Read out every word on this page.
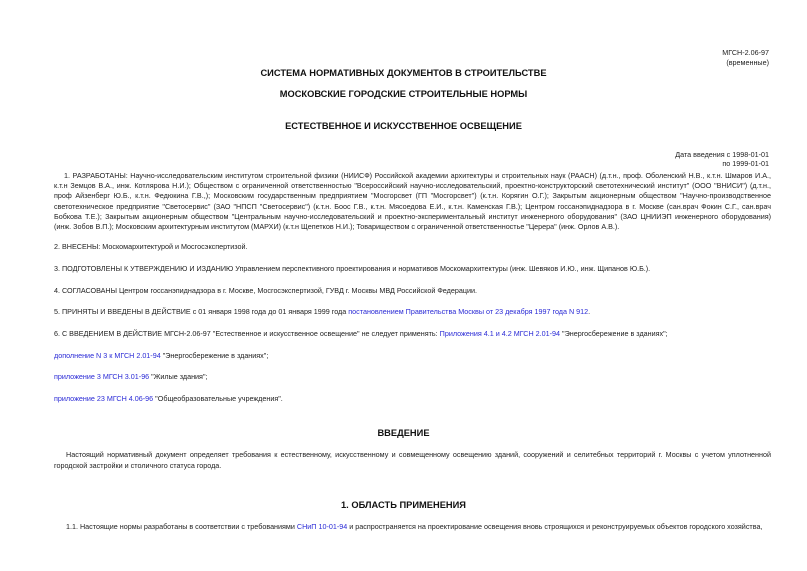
МГСН-2.06-97
(временные)
СИСТЕМА НОРМАТИВНЫХ ДОКУМЕНТОВ В СТРОИТЕЛЬСТВЕ
МОСКОВСКИЕ ГОРОДСКИЕ СТРОИТЕЛЬНЫЕ НОРМЫ
ЕСТЕСТВЕННОЕ И ИСКУССТВЕННОЕ ОСВЕЩЕНИЕ
Дата введения с 1998-01-01
по 1999-01-01
1. РАЗРАБОТАНЫ: Научно-исследовательским институтом строительной физики (НИИСФ) Российской академии архитектуры и строительных наук (РААСН) (д.т.н., проф. Оболенский Н.В., к.т.н. Шмаров И.А., к.т.н Земцов В.А., инж. Котлярова Н.И.); Обществом с ограниченной ответственностью "Всероссийский научно-исследовательский, проектно-конструкторский светотехнический институт" (ООО "ВНИСИ") (д.т.н., проф Айзенберг Ю.Б., к.т.н. Федюкина Г.В.,); Московским государственным предприятием "Мосгорсвет (ГП "Мосгорсвет") (к.т.н. Корягин О.Г.); Закрытым акционерным обществом "Научно-производственное светотехническое предприятие "Светосервис" (ЗАО "НПСП "Светосервис") (к.т.н. Боос Г.В., к.т.н. Мясоедова Е.И., к.т.н. Каменская Г.В.); Центром госсанэпиднадзора в г. Москве (сан.врач Фокин С.Г., сан.врач Бобкова Т.Е.); Закрытым акционерным обществом "Центральным научно-исследовательский и проектно-экспериментальный институт инженерного оборудования" (ЗАО ЦНИИЭП инженерного оборудования) (инж. Зобов В.П.); Московским архитектурным институтом (МАРХИ) (к.т.н Щепетков Н.И.); Товариществом с ограниченной ответственностье "Церера" (инж. Орлов А.В.).
2. ВНЕСЕНЫ: Москомархитектурой и Мосгосэкспертизой.
3. ПОДГОТОВЛЕНЫ К УТВЕРЖДЕНИЮ И ИЗДАНИЮ Управлением перспективного проектирования и нормативов Москомархитектуры (инж. Шевяков И.Ю., инж. Щипанов Ю.Б.).
4. СОГЛАСОВАНЫ Центром госсанэпиднадзора в г. Москве, Мосгосэкспертизой, ГУВД г. Москвы МВД Российской Федерации.
5. ПРИНЯТЫ И ВВЕДЕНЫ В ДЕЙСТВИЕ с 01 января 1998 года до 01 января 1999 года постановлением Правительства Москвы от 23 декабря 1997 года N 912.
6. С ВВЕДЕНИЕМ В ДЕЙСТВИЕ МГСН-2.06-97 "Естественное и искусственное освещение" не следует применять: Приложения 4.1 и 4.2 МГСН 2.01-94 "Энергосбережение в зданиях";
дополнение N 3 к МГСН 2.01-94 "Энергосбережение в зданиях";
приложение 3 МГСН 3.01-96 "Жилые здания";
приложение 23 МГСН 4.06-96 "Общеобразовательные учреждения".
ВВЕДЕНИЕ
Настоящий нормативный документ определяет требования к естественному, искусственному и совмещенному освещению зданий, сооружений и селитебных территорий г. Москвы с учетом уплотненной городской застройки и столичного статуса города.
1. ОБЛАСТЬ ПРИМЕНЕНИЯ
1.1. Настоящие нормы разработаны в соответствии с требованиями СНиП 10-01-94 и распространяется на проектирование освещения вновь строящихся и реконструируемых объектов городского хозяйства,
